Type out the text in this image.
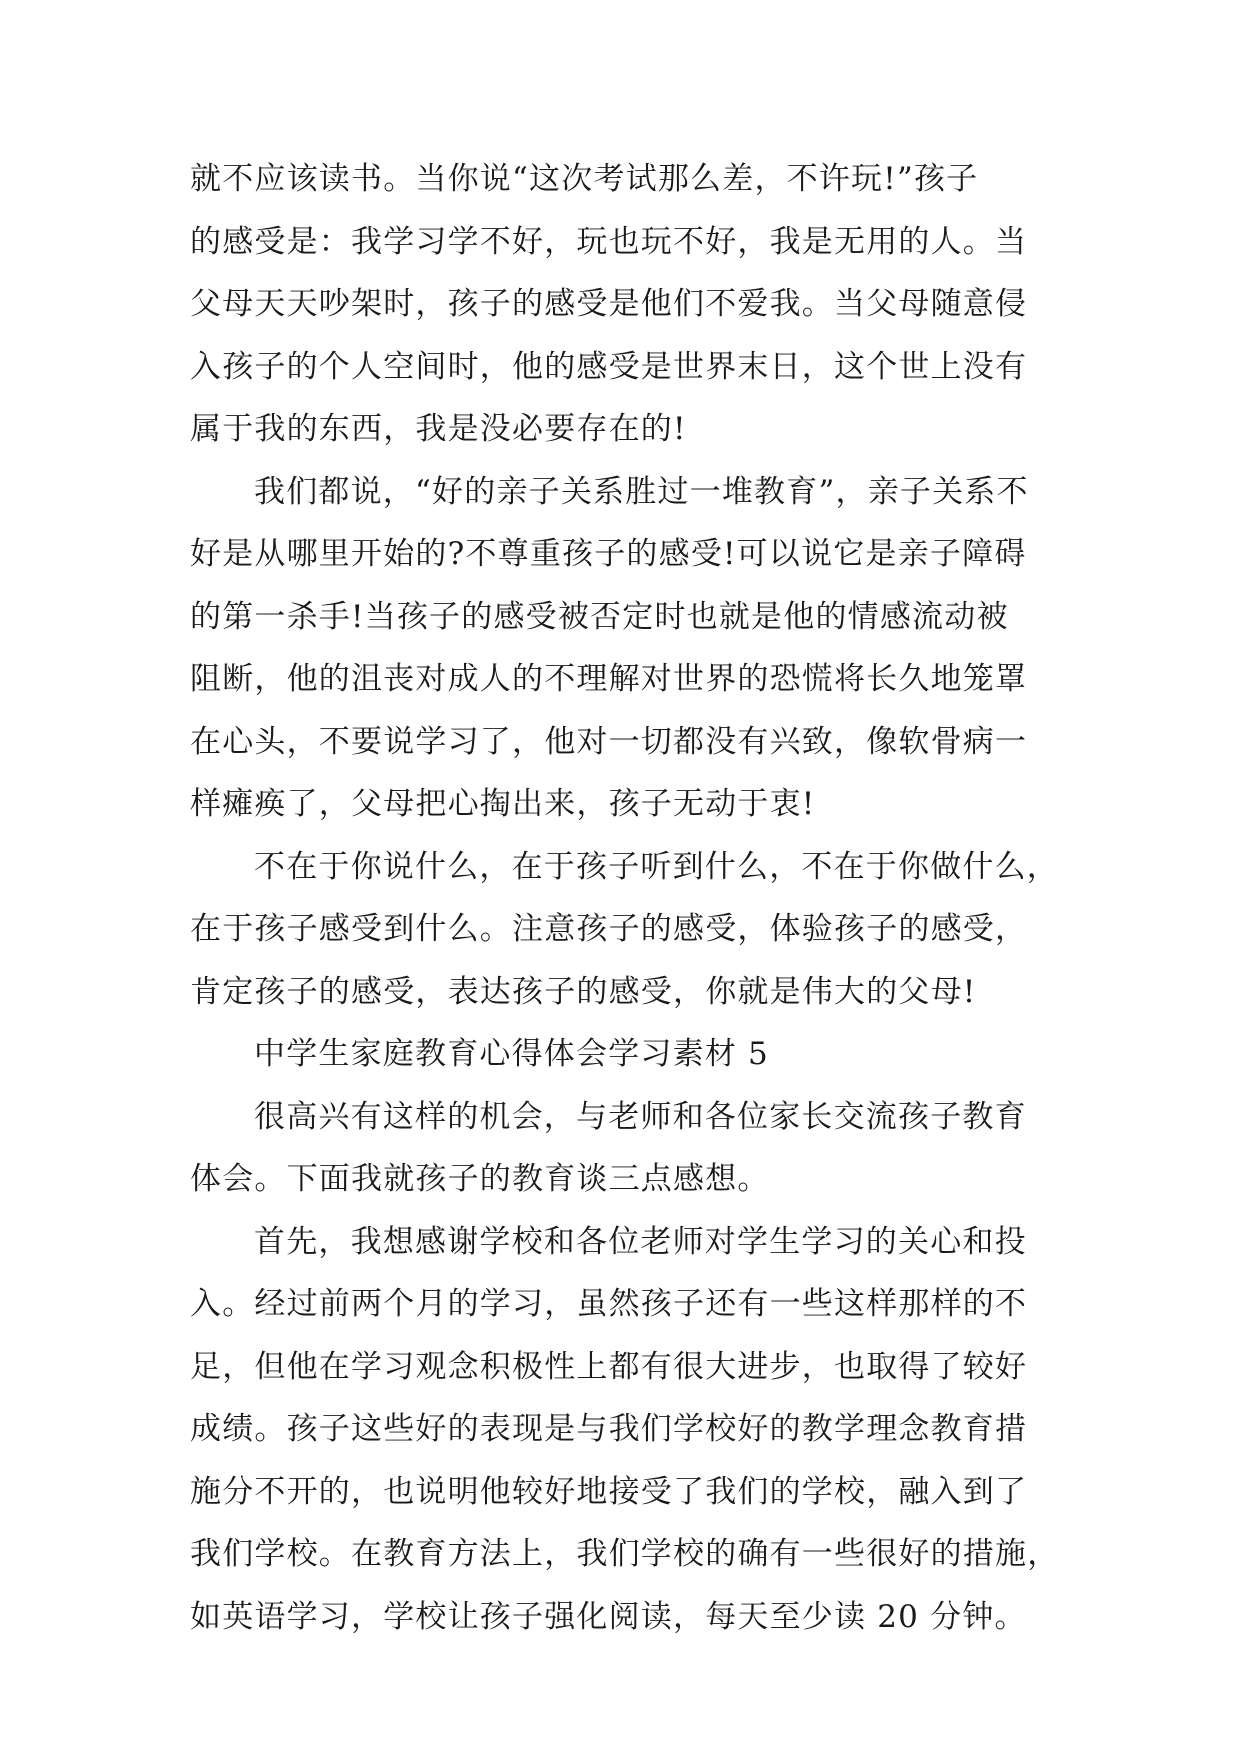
就不应该读书。当你说“这次考试那么差，不许玩!”孩子
的感受是：我学习学不好，玩也玩不好，我是无用的人。当
父母天天吵架时，孩子的感受是他们不爱我。当父母随意侵
入孩子的个人空间时，他的感受是世界末日，这个世上没有
属于我的东西，我是没必要存在的!

我们都说，“好的亲子关系胜过一堆教育”，亲子关系不
好是从哪里开始的?不尊重孩子的感受!可以说它是亲子障碍
的第一杀手!当孩子的感受被否定时也就是他的情感流动被
阻断，他的沮丧对成人的不理解对世界的恐慌将长久地笼罩
在心头，不要说学习了，他对一切都没有兴致，像软骨病一
样瘫痪了，父母把心掏出来，孩子无动于衷!

不在于你说什么，在于孩子听到什么，不在于你做什么，
在于孩子感受到什么。注意孩子的感受，体验孩子的感受，
肯定孩子的感受，表达孩子的感受，你就是伟大的父母!

中学生家庭教育心得体会学习素材 5

很高兴有这样的机会，与老师和各位家长交流孩子教育
体会。下面我就孩子的教育谈三点感想。

首先，我想感谢学校和各位老师对学生学习的关心和投
入。经过前两个月的学习，虽然孩子还有一些这样那样的不
足，但他在学习观念积极性上都有很大进步，也取得了较好
成绩。孩子这些好的表现是与我们学校好的教学理念教育措
施分不开的，也说明他较好地接受了我们的学校，融入到了
我们学校。在教育方法上，我们学校的确有一些很好的措施，
如英语学习，学校让孩子强化阅读，每天至少读 20 分钟。
